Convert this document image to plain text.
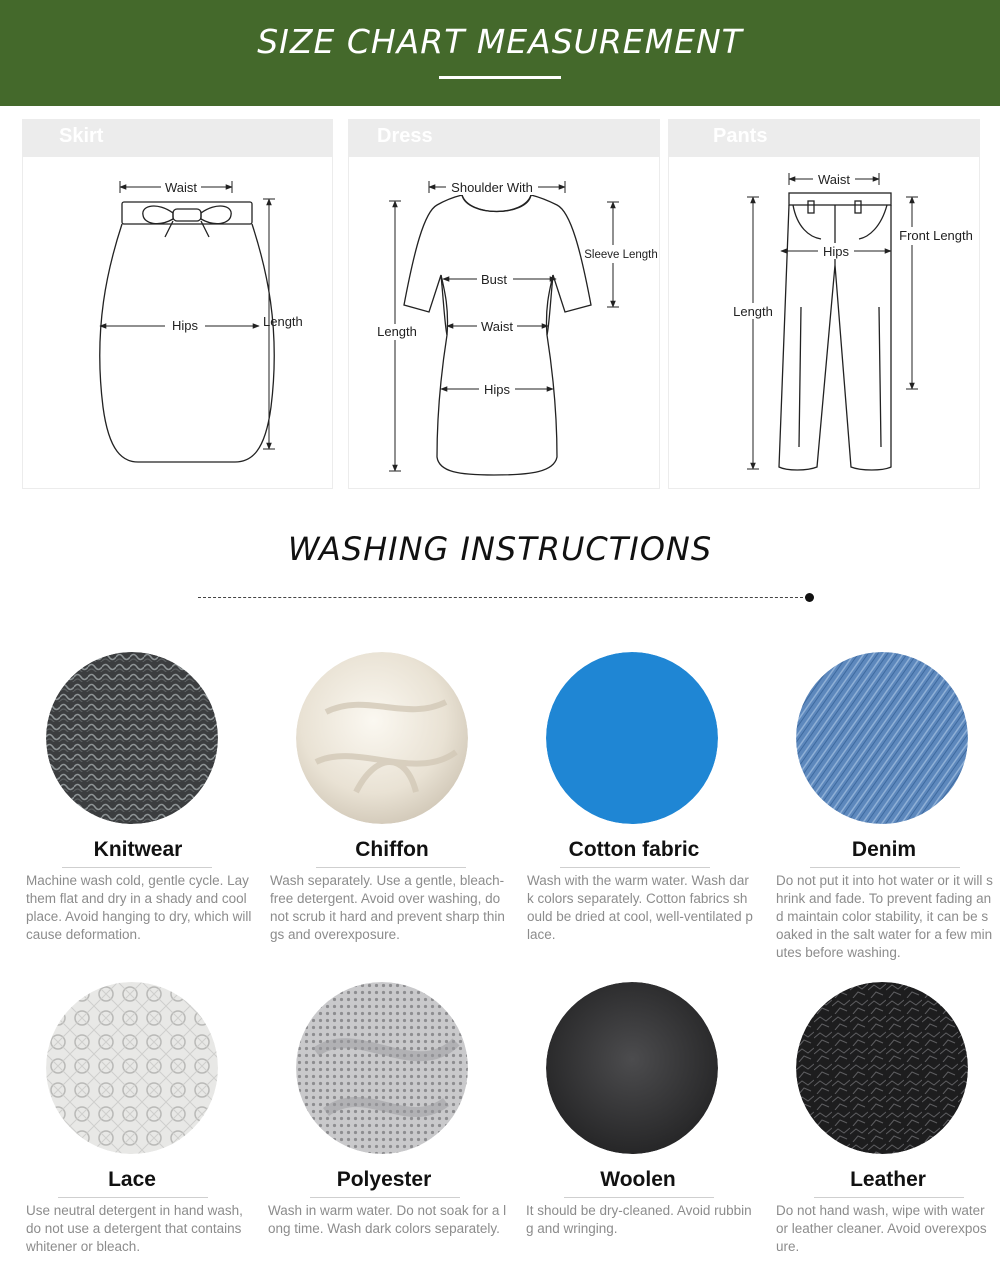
SIZE CHART MEASUREMENT
Skirt
Waist
Hips	Length
Dress
Shoulder With
Sleeve Length
Bust
Waist
Hips
Length
Pants
Waist
Hips
Front Length
Length
WASHING INSTRUCTIONS
Knitwear
Machine wash cold, gentle cycle. Lay them flat and dry in a shady and cool place. Avoid hanging to dry, which will cause deformation.
Chiffon
Wash separately. Use a gentle, bleach-free detergent. Avoid over washing, do not scrub it hard and prevent sharp things and overexposure.
Cotton fabric
Wash with the warm water. Wash dark colors separately. Cotton fabrics should be dried at cool, well-ventilated place.
Denim
Do not put it into hot water or it will shrink and fade. To prevent fading and maintain color stability, it can be soaked in the salt water for a few minutes before washing.
Lace
Use neutral detergent in hand wash, do not use a detergent that contains whitener or bleach.
Polyester
Wash in warm water. Do not soak for a long time. Wash dark colors separately.
Woolen
It should be dry-cleaned. Avoid rubbing and wringing.
Leather
Do not hand wash, wipe with water or leather cleaner. Avoid overexposure.
